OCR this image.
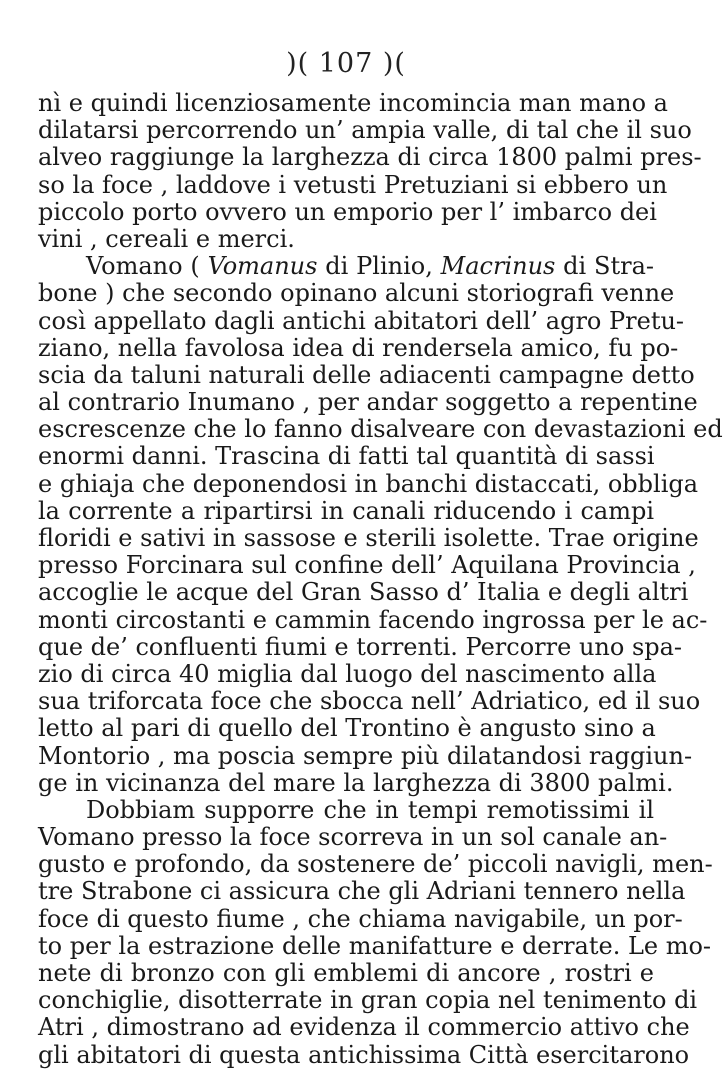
)( 107 )(
nì e quindi licenziosamente incomincia man mano a
dilatarsi percorrendo un’ ampia valle, di tal che il suo
alveo raggiunge la larghezza di circa 1800 palmi pres-
so la foce , laddove i vetusti Pretuziani si ebbero un
piccolo porto ovvero un emporio per l’ imbarco dei
vini , cereali e merci.
Vomano ( Vomanus di Plinio, Macrinus di Stra-
bone ) che secondo opinano alcuni storiografi venne
così appellato dagli antichi abitatori dell’ agro Pretu-
ziano, nella favolosa idea di rendersela amico, fu po-
scia da taluni naturali delle adiacenti campagne detto
al contrario Inumano , per andar soggetto a repentine
escrescenze che lo fanno disalveare con devastazioni ed
enormi danni. Trascina di fatti tal quantità di sassi
e ghiaja che deponendosi in banchi distaccati, obbliga
la corrente a ripartirsi in canali riducendo i campi
floridi e sativi in sassose e sterili isolette. Trae origine
presso Forcinara sul confine dell’ Aquilana Provincia ,
accoglie le acque del Gran Sasso d’ Italia e degli altri
monti circostanti e cammin facendo ingrossa per le ac-
que de’ confluenti fiumi e torrenti. Percorre uno spa-
zio di circa 40 miglia dal luogo del nascimento alla
sua triforcata foce che sbocca nell’ Adriatico, ed il suo
letto al pari di quello del Trontino è angusto sino a
Montorio , ma poscia sempre più dilatandosi raggiun-
ge in vicinanza del mare la larghezza di 3800 palmi.
Dobbiam supporre che in tempi remotissimi il
Vomano presso la foce scorreva in un sol canale an-
gusto e profondo, da sostenere de’ piccoli navigli, men-
tre Strabone ci assicura che gli Adriani tennero nella
foce di questo fiume , che chiama navigabile, un por-
to per la estrazione delle manifatture e derrate. Le mo-
nete di bronzo con gli emblemi di ancore , rostri e
conchiglie, disotterrate in gran copia nel tenimento di
Atri , dimostrano ad evidenza il commercio attivo che
gli abitatori di questa antichissima Città esercitarono
